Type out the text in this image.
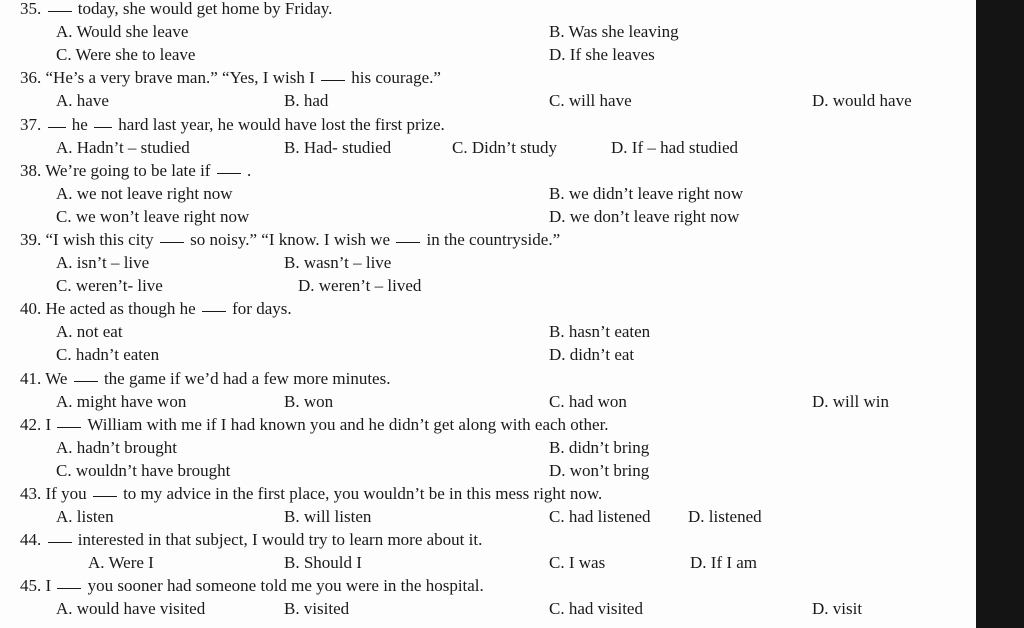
35. today, she would get home by Friday.
A. Would she leave	B. Was she leaving
C. Were she to leave	D. If she leaves
36. “He’s a very brave man.” “Yes, I wish I his courage.”
A. have	B. had	C. will have	D. would have
37. he hard last year, he would have lost the first prize.
A. Hadn’t – studied	B. Had- studied	C. Didn’t study	D. If – had studied
38. We’re going to be late if .
A. we not leave right now	B. we didn’t leave right now
C. we won’t leave right now	D. we don’t leave right now
39. “I wish this city so noisy.” “I know. I wish we in the countryside.”
A. isn’t – live	B. wasn’t – live
C. weren’t- live	D. weren’t – lived
40. He acted as though he for days.
A. not eat	B. hasn’t eaten
C. hadn’t eaten	D. didn’t eat
41. We the game if we’d had a few more minutes.
A. might have won	B. won	C. had won	D. will win
42. I William with me if I had known you and he didn’t get along with each other.
A. hadn’t brought	B. didn’t bring
C. wouldn’t have brought	D. won’t bring
43. If you to my advice in the first place, you wouldn’t be in this mess right now.
A. listen	B. will listen	C. had listened D. listened
44. interested in that subject, I would try to learn more about it.
A. Were I	B. Should I	C. I was	D. If I am
45. I you sooner had someone told me you were in the hospital.
A. would have visited	B. visited	C. had visited	D. visit
